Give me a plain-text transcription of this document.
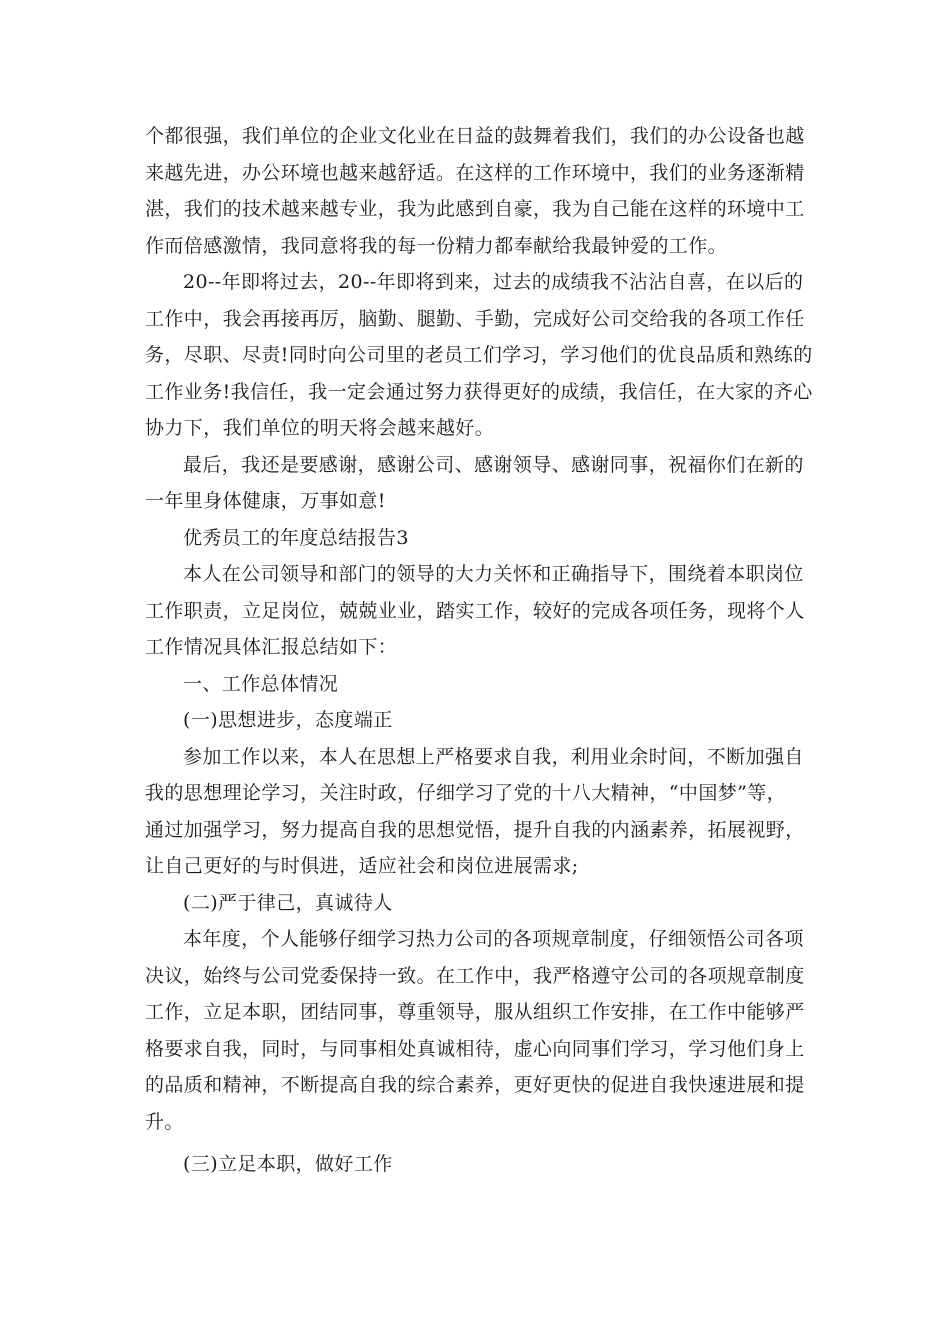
个都很强，我们单位的企业文化业在日益的鼓舞着我们，我们的办公设备也越
来越先进，办公环境也越来越舒适。在这样的工作环境中，我们的业务逐渐精
湛，我们的技术越来越专业，我为此感到自豪，我为自己能在这样的环境中工
作而倍感激情，我同意将我的每一份精力都奉献给我最钟爱的工作。
20--年即将过去，20--年即将到来，过去的成绩我不沾沾自喜，在以后的
工作中，我会再接再厉，脑勤、腿勤、手勤，完成好公司交给我的各项工作任
务，尽职、尽责!同时向公司里的老员工们学习，学习他们的优良品质和熟练的
工作业务!我信任，我一定会通过努力获得更好的成绩，我信任，在大家的齐心
协力下，我们单位的明天将会越来越好。
最后，我还是要感谢，感谢公司、感谢领导、感谢同事，祝福你们在新的
一年里身体健康，万事如意!
优秀员工的年度总结报告3
本人在公司领导和部门的领导的大力关怀和正确指导下，围绕着本职岗位
工作职责，立足岗位，兢兢业业，踏实工作，较好的完成各项任务，现将个人
工作情况具体汇报总结如下：
一、工作总体情况
(一)思想进步，态度端正
参加工作以来，本人在思想上严格要求自我，利用业余时间，不断加强自
我的思想理论学习，关注时政，仔细学习了党的十八大精神，“中国梦”等，
通过加强学习，努力提高自我的思想觉悟，提升自我的内涵素养，拓展视野，
让自己更好的与时俱进，适应社会和岗位进展需求;
(二)严于律己，真诚待人
本年度，个人能够仔细学习热力公司的各项规章制度，仔细领悟公司各项
决议，始终与公司党委保持一致。在工作中，我严格遵守公司的各项规章制度
工作，立足本职，团结同事，尊重领导，服从组织工作安排，在工作中能够严
格要求自我，同时，与同事相处真诚相待，虚心向同事们学习，学习他们身上
的品质和精神，不断提高自我的综合素养，更好更快的促进自我快速进展和提
升。
(三)立足本职，做好工作
